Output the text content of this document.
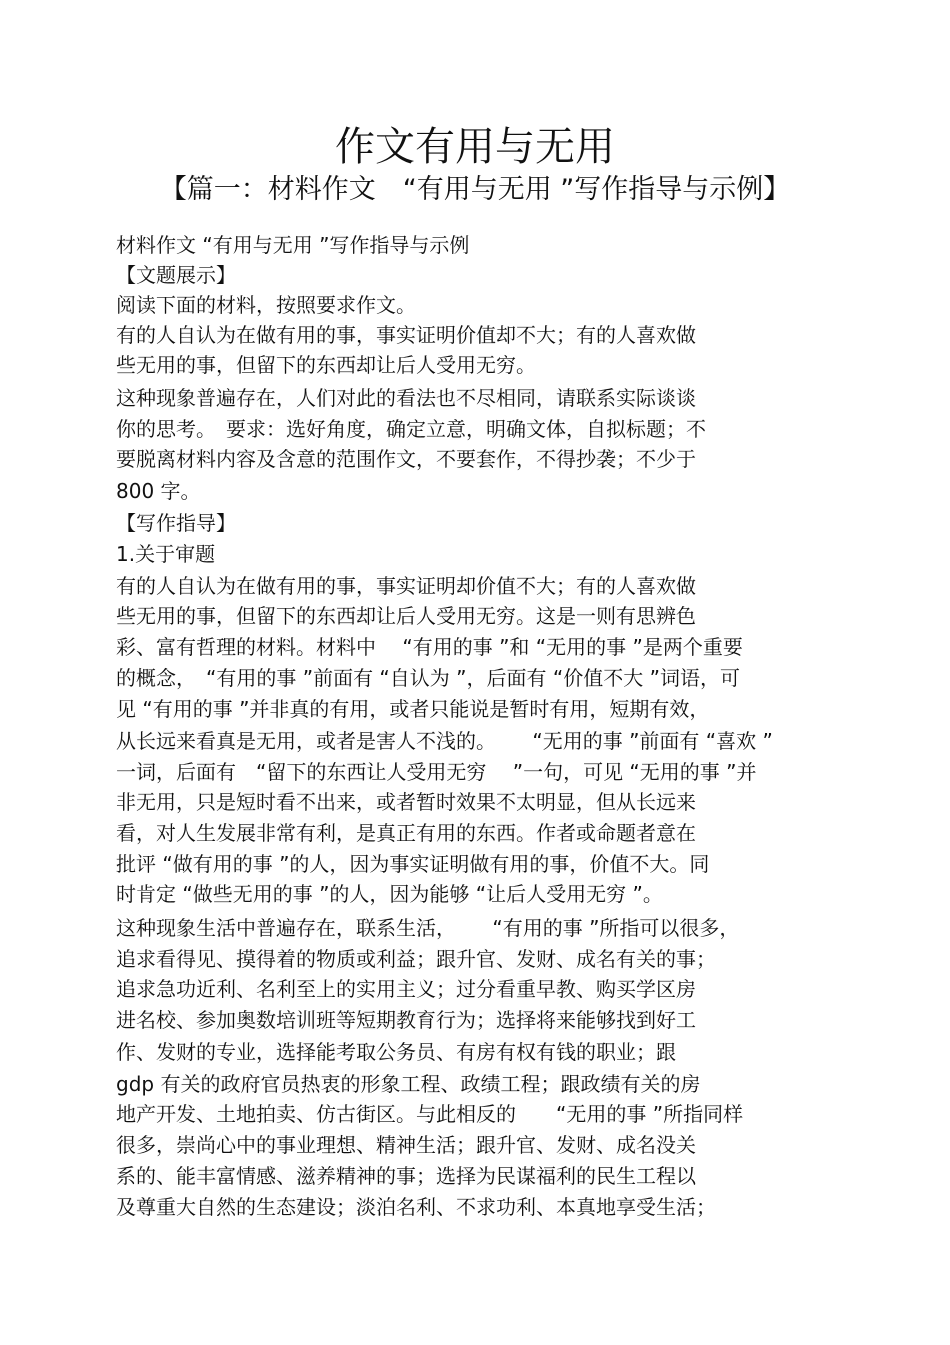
作文有用与无用
【篇一：材料作文　“有用与无用 ”写作指导与示例】
材料作文 “有用与无用 ”写作指导与示例
【文题展示】
阅读下面的材料，按照要求作文。
有的人自认为在做有用的事，事实证明价值却不大；有的人喜欢做
些无用的事，但留下的东西却让后人受用无穷。
这种现象普遍存在，人们对此的看法也不尽相同，请联系实际谈谈
你的思考。　要求：选好角度，确定立意，明确文体，自拟标题；不
要脱离材料内容及含意的范围作文，不要套作，不得抄袭；不少于
800 字。
【写作指导】
1.关于审题
有的人自认为在做有用的事，事实证明却价值不大；有的人喜欢做
些无用的事，但留下的东西却让后人受用无穷。这是一则有思辨色
彩、富有哲理的材料。材料中　 “有用的事 ”和 “无用的事 ”是两个重要
的概念，　“有用的事 ”前面有 “自认为 ”，后面有 “价值不大 ”词语，可
见 “有用的事 ”并非真的有用，或者只能说是暂时有用，短期有效，
从长远来看真是无用，或者是害人不浅的。　　 “无用的事 ”前面有 “喜欢 ”
一词，后面有　“留下的东西让人受用无穷　 ”一句，可见 “无用的事 ”并
非无用，只是短时看不出来，或者暂时效果不太明显，但从长远来
看，对人生发展非常有利，是真正有用的东西。作者或命题者意在
批评 “做有用的事 ”的人，因为事实证明做有用的事，价值不大。同
时肯定 “做些无用的事 ”的人，因为能够 “让后人受用无穷 ”。
这种现象生活中普遍存在，联系生活，　　 “有用的事 ”所指可以很多，
追求看得见、摸得着的物质或利益；跟升官、发财、成名有关的事；
追求急功近利、名利至上的实用主义；过分看重早教、购买学区房
进名校、参加奥数培训班等短期教育行为；选择将来能够找到好工
作、发财的专业，选择能考取公务员、有房有权有钱的职业；跟
gdp 有关的政府官员热衷的形象工程、政绩工程；跟政绩有关的房
地产开发、土地拍卖、仿古街区。与此相反的　　“无用的事 ”所指同样
很多，崇尚心中的事业理想、精神生活；跟升官、发财、成名没关
系的、能丰富情感、滋养精神的事；选择为民谋福利的民生工程以
及尊重大自然的生态建设；淡泊名利、不求功利、本真地享受生活；
